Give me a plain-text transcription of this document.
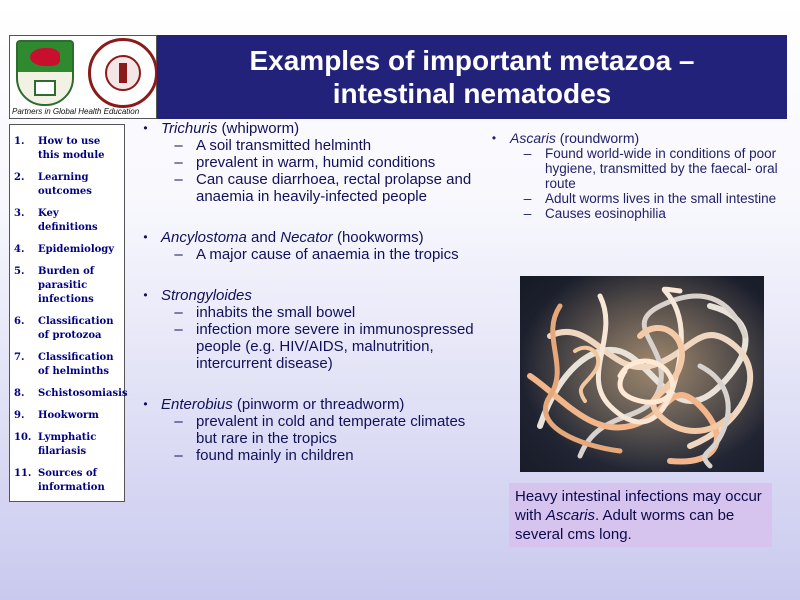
Partners in Global Health Education
Examples of important metazoa – intestinal nematodes
1.	How to use this module
2.	Learning outcomes
3.	Key definitions
4.	Epidemiology
5.	Burden of parasitic infections
6.	Classification of protozoa
7.	Classification of helminths
8.	Schistosomiasis
9.	Hookworm
10. Lymphatic filariasis
11. Sources of information
• Trichuris (whipworm)
– A soil transmitted helminth
– prevalent in warm, humid conditions
– Can cause diarrhoea, rectal prolapse and anaemia in heavily-infected people
• Ancylostoma and Necator (hookworms)
– A major cause of anaemia in the tropics
• Strongyloides
– inhabits the small bowel
– infection more severe in immunospressed people (e.g. HIV/AIDS, malnutrition, intercurrent disease)
• Enterobius (pinworm or threadworm)
– prevalent in cold and temperate climates but rare in the tropics
– found mainly in children
• Ascaris (roundworm)
–	Found world-wide in conditions of poor hygiene, transmitted by the faecal- oral route
–	Adult worms lives in the small intestine
–	Causes eosinophilia
Heavy intestinal infections may occur with Ascaris. Adult worms can be several cms long.
